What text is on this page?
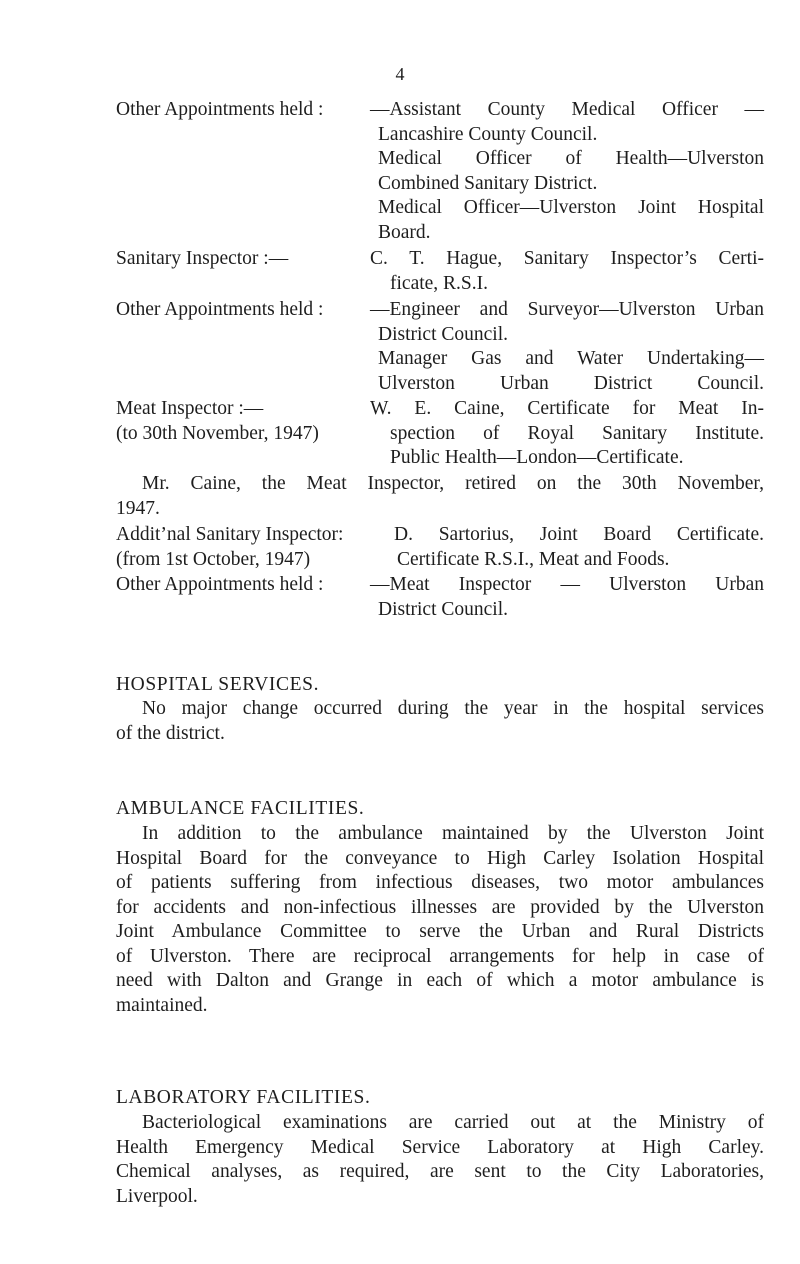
4
Other Appointments held : —Assistant County Medical Officer —
Lancashire County Council.
Medical Officer of Health—Ulverston
Combined Sanitary District.
Medical Officer—Ulverston Joint Hospital
Board.
Sanitary Inspector :—	C. T. Hague, Sanitary Inspector’s Certi-
ficate, R.S.I.
Other Appointments held : —Engineer and Surveyor—Ulverston Urban
District Council.
Manager Gas and Water Undertaking—
Ulverston Urban District Council.
Meat Inspector :—
(to 30th November, 1947)
W. E. Caine, Certificate for Meat In-
spection of Royal Sanitary Institute.
Public Health—London—Certificate.
Mr. Caine, the Meat Inspector, retired on the 30th November,
1947.
Addit’nal Sanitary Inspector:
(from 1st October, 1947)
D. Sartorius, Joint Board Certificate.
Certificate R.S.I., Meat and Foods.
Other Appointments held : —Meat Inspector — Ulverston Urban
District Council.
HOSPITAL SERVICES.
No major change occurred during the year in the hospital services
of the district.
AMBULANCE FACILITIES.
In addition to the ambulance maintained by the Ulverston Joint
Hospital Board for the conveyance to High Carley Isolation Hospital
of patients suffering from infectious diseases, two motor ambulances
for accidents and non-infectious illnesses are provided by the Ulverston
Joint Ambulance Committee to serve the Urban and Rural Districts
of Ulverston. There are reciprocal arrangements for help in case of
need with Dalton and Grange in each of which a motor ambulance is
maintained.
LABORATORY FACILITIES.
Bacteriological examinations are carried out at the Ministry of
Health Emergency Medical Service Laboratory at High Carley.
Chemical analyses, as required, are sent to the City Laboratories,
Liverpool.
